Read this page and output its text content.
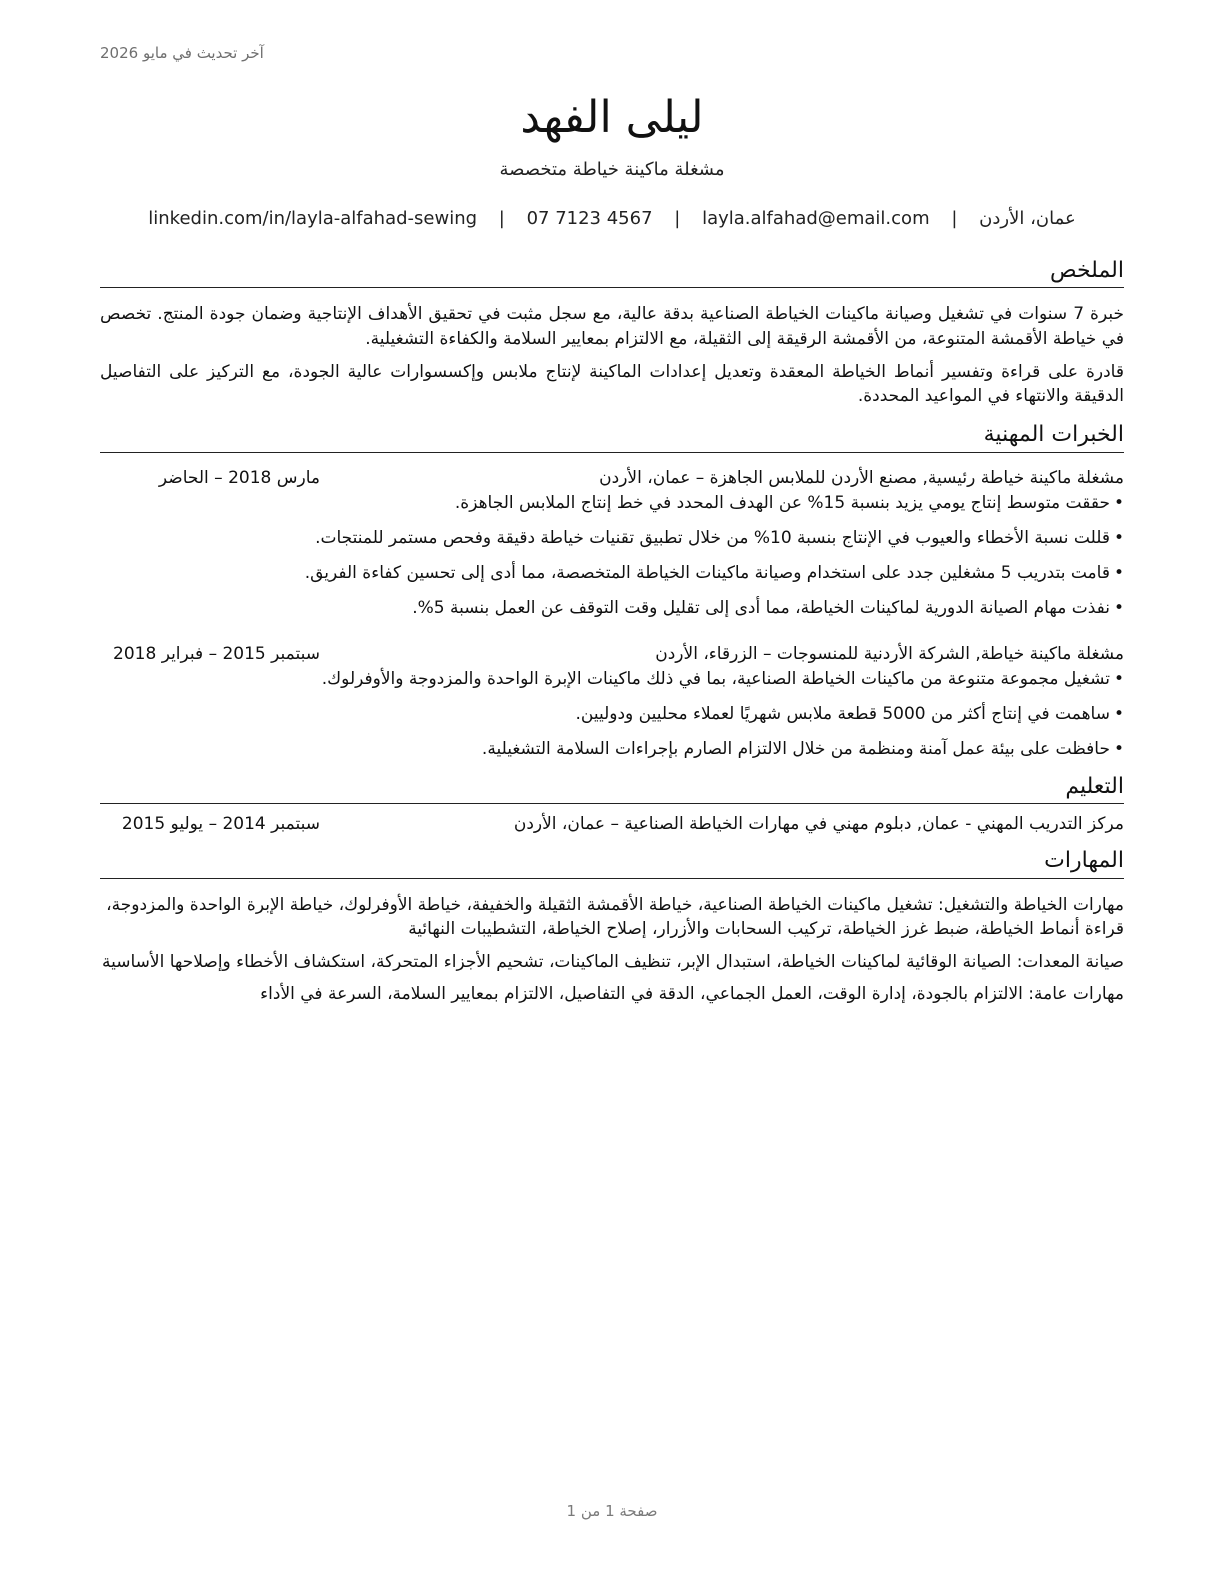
آخر تحديث في مايو 2026
ليلى الفهد
مشغلة ماكينة خياطة متخصصة
عمان، الأردن | layla.alfahad@email.com | 07 7123 4567 | linkedin.com/in/layla-alfahad-sewing
الملخص

خبرة 7 سنوات في تشغيل وصيانة ماكينات الخياطة الصناعية بدقة عالية، مع سجل مثبت في تحقيق الأهداف الإنتاجية وضمان جودة المنتج. تخصص في خياطة الأقمشة المتنوعة، من الأقمشة الرقيقة إلى الثقيلة، مع الالتزام بمعايير السلامة والكفاءة التشغيلية.

قادرة على قراءة وتفسير أنماط الخياطة المعقدة وتعديل إعدادات الماكينة لإنتاج ملابس وإكسسوارات عالية الجودة، مع التركيز على التفاصيل الدقيقة والانتهاء في المواعيد المحددة.

الخبرات المهنية
مشغلة ماكينة خياطة رئيسية, مصنع الأردن للملابس الجاهزة – عمان، الأردن
مارس 2018 – الحاضر
•حققت متوسط إنتاج يومي يزيد بنسبة 15% عن الهدف المحدد في خط إنتاج الملابس الجاهزة.
•قللت نسبة الأخطاء والعيوب في الإنتاج بنسبة 10% من خلال تطبيق تقنيات خياطة دقيقة وفحص مستمر للمنتجات.
•قامت بتدريب 5 مشغلين جدد على استخدام وصيانة ماكينات الخياطة المتخصصة، مما أدى إلى تحسين كفاءة الفريق.
•نفذت مهام الصيانة الدورية لماكينات الخياطة، مما أدى إلى تقليل وقت التوقف عن العمل بنسبة 5%.
مشغلة ماكينة خياطة, الشركة الأردنية للمنسوجات – الزرقاء، الأردن
سبتمبر 2015 – فبراير 2018
•تشغيل مجموعة متنوعة من ماكينات الخياطة الصناعية، بما في ذلك ماكينات الإبرة الواحدة والمزدوجة والأوفرلوك.
•ساهمت في إنتاج أكثر من 5000 قطعة ملابس شهريًا لعملاء محليين ودوليين.
•حافظت على بيئة عمل آمنة ومنظمة من خلال الالتزام الصارم بإجراءات السلامة التشغيلية.
التعليم
مركز التدريب المهني - عمان, دبلوم مهني في مهارات الخياطة الصناعية – عمان، الأردن
سبتمبر 2014 – يوليو 2015
المهارات
مهارات الخياطة والتشغيل: تشغيل ماكينات الخياطة الصناعية، خياطة الأقمشة الثقيلة والخفيفة، خياطة الأوفرلوك، خياطة الإبرة الواحدة والمزدوجة، قراءة أنماط الخياطة، ضبط غرز الخياطة، تركيب السحابات والأزرار، إصلاح الخياطة، التشطيبات النهائية
صيانة المعدات: الصيانة الوقائية لماكينات الخياطة، استبدال الإبر، تنظيف الماكينات، تشحيم الأجزاء المتحركة، استكشاف الأخطاء وإصلاحها الأساسية
مهارات عامة: الالتزام بالجودة، إدارة الوقت، العمل الجماعي، الدقة في التفاصيل، الالتزام بمعايير السلامة، السرعة في الأداء
صفحة 1 من 1
